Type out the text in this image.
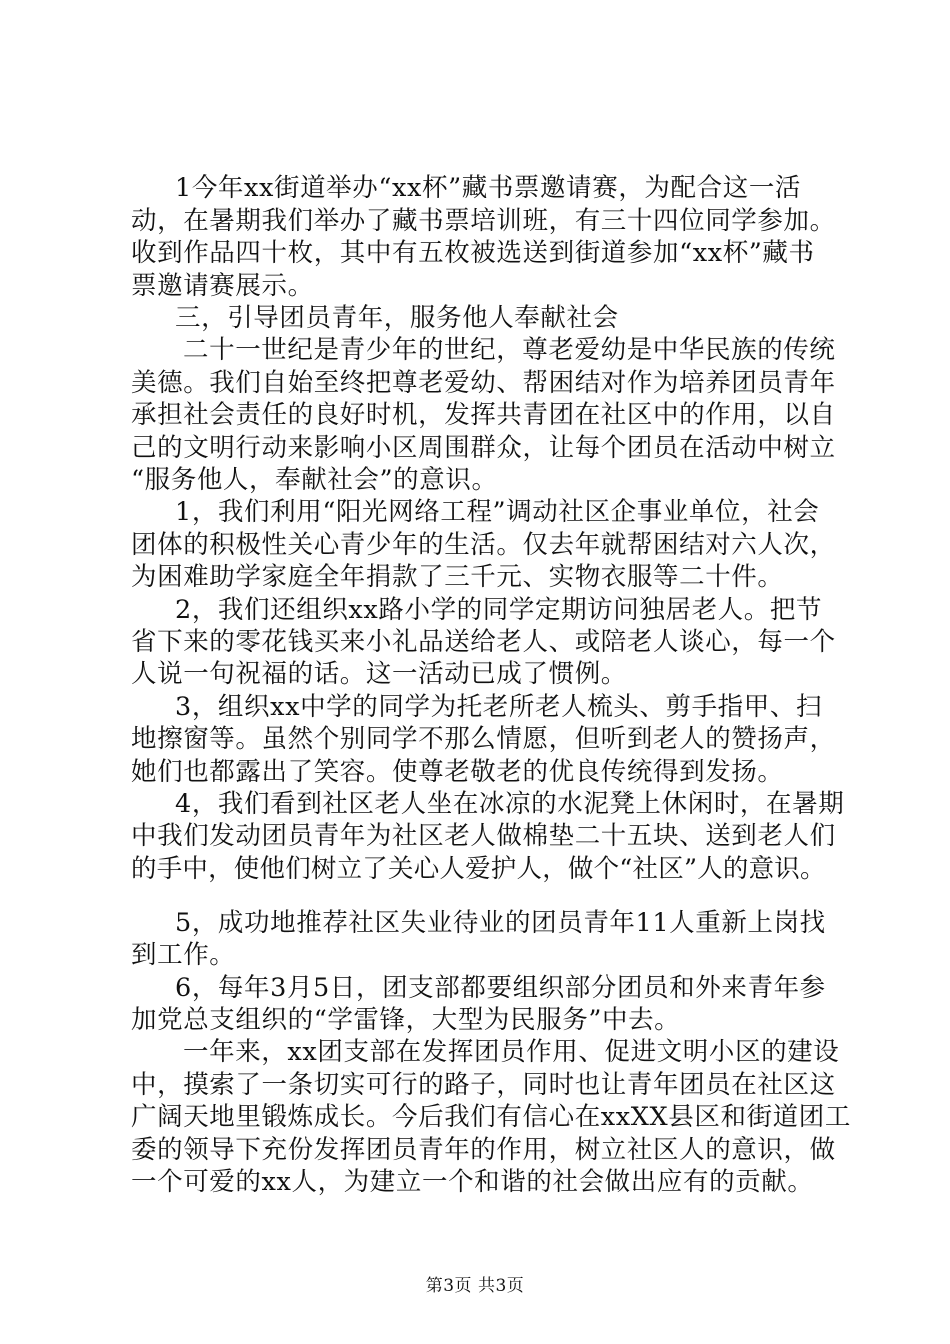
1今年xx街道举办“xx杯”藏书票邀请赛，为配合这一活
动，在暑期我们举办了藏书票培训班，有三十四位同学参加。
收到作品四十枚，其中有五枚被选送到街道参加“xx杯”藏书
票邀请赛展示。
三，引导团员青年，服务他人奉献社会
二十一世纪是青少年的世纪，尊老爱幼是中华民族的传统
美德。我们自始至终把尊老爱幼、帮困结对作为培养团员青年
承担社会责任的良好时机，发挥共青团在社区中的作用，以自
己的文明行动来影响小区周围群众，让每个团员在活动中树立
“服务他人，奉献社会”的意识。
1，我们利用“阳光网络工程”调动社区企事业单位，社会
团体的积极性关心青少年的生活。仅去年就帮困结对六人次，
为困难助学家庭全年捐款了三千元、实物衣服等二十件。
2，我们还组织xx路小学的同学定期访问独居老人。把节
省下来的零花钱买来小礼品送给老人、或陪老人谈心，每一个
人说一句祝福的话。这一活动已成了惯例。
3，组织xx中学的同学为托老所老人梳头、剪手指甲、扫
地擦窗等。虽然个别同学不那么情愿，但听到老人的赞扬声，
她们也都露出了笑容。使尊老敬老的优良传统得到发扬。
4，我们看到社区老人坐在冰凉的水泥凳上休闲时，在暑期
中我们发动团员青年为社区老人做棉垫二十五块、送到老人们
的手中，使他们树立了关心人爱护人，做个“社区”人的意识。
5，成功地推荐社区失业待业的团员青年11人重新上岗找
到工作。
6，每年3月5日，团支部都要组织部分团员和外来青年参
加党总支组织的“学雷锋，大型为民服务”中去。
一年来，xx团支部在发挥团员作用、促进文明小区的建设
中，摸索了一条切实可行的路子，同时也让青年团员在社区这
广阔天地里锻炼成长。今后我们有信心在xxXX县区和街道团工
委的领导下充份发挥团员青年的作用，树立社区人的意识，做
一个可爱的xx人，为建立一个和谐的社会做出应有的贡献。
第3页 共3页
